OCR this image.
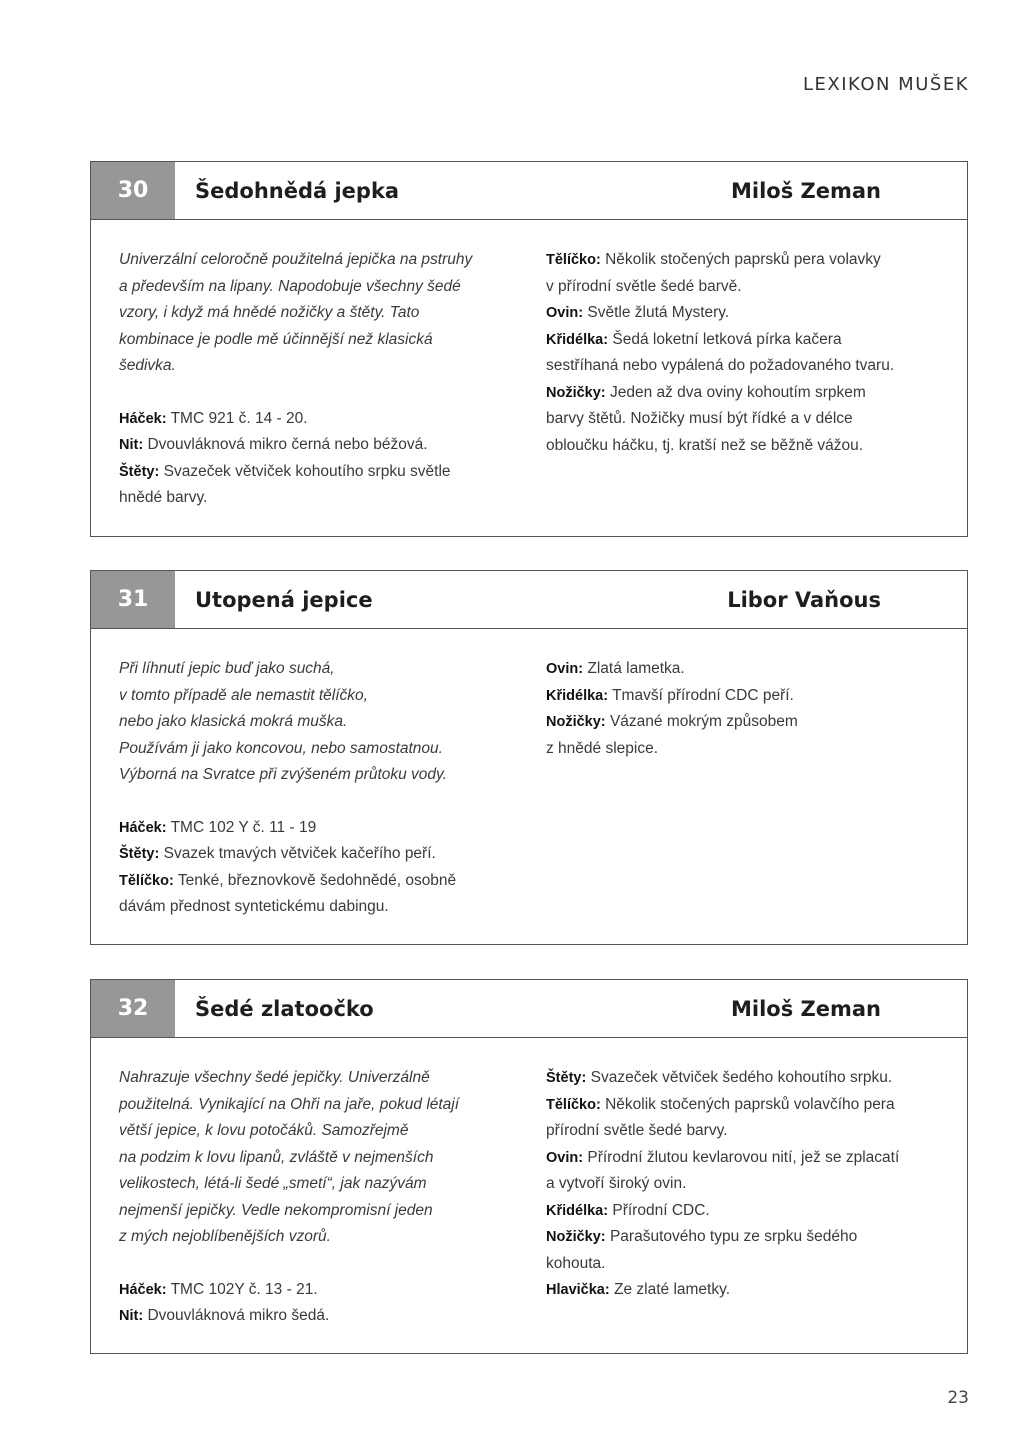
LEXIKON MUŠEK
30	Šedohnědá jepka	Miloš Zeman

Univerzální celoročně použitelná jepička na pstruhy
a především na lipany. Napodobuje všechny šedé
vzory, i když má hnědé nožičky a štěty. Tato
kombinace je podle mě účinnější než klasická
šedivka.

Háček: TMC 921 č. 14 - 20.

Nit: Dvouvláknová mikro černá nebo béžová.

Štěty: Svazeček větviček kohoutího srpku světle
hnědé barvy.

Tělíčko: Několik stočených paprsků pera volavky
v přírodní světle šedé barvě.

Ovin: Světle žlutá Mystery.

Křidélka: Šedá loketní letková pírka kačera
sestříhaná nebo vypálená do požadovaného tvaru.

Nožičky: Jeden až dva oviny kohoutím srpkem
barvy štětů. Nožičky musí být řídké a v délce
obloučku háčku, tj. kratší než se běžně vážou.

31	Utopená jepice	Libor Vaňous

Při líhnutí jepic buď jako suchá,
v tomto případě ale nemastit tělíčko,
nebo jako klasická mokrá muška.
Používám ji jako koncovou, nebo samostatnou.
Výborná na Svratce při zvýšeném průtoku vody.

Háček: TMC 102 Y č. 11 - 19

Štěty: Svazek tmavých větviček kačeřího peří.

Tělíčko: Tenké, březnovkově šedohnědé, osobně
dávám přednost syntetickému dabingu.

Ovin: Zlatá lametka.

Křidélka: Tmavší přírodní CDC peří.

Nožičky: Vázané mokrým způsobem
z hnědé slepice.

32	Šedé zlatoočko	Miloš Zeman

Nahrazuje všechny šedé jepičky. Univerzálně
použitelná. Vynikající na Ohři na jaře, pokud létají
větší jepice, k lovu potočáků. Samozřejmě
na podzim k lovu lipanů, zvláště v nejmenších
velikostech, létá-li šedé „smetí“, jak nazývám
nejmenší jepičky. Vedle nekompromisní jeden
z mých nejoblíbenějších vzorů.

Háček: TMC 102Y č. 13 - 21.

Nit: Dvouvláknová mikro šedá.

Štěty: Svazeček větviček šedého kohoutího srpku.

Tělíčko: Několik stočených paprsků volavčího pera
přírodní světle šedé barvy.

Ovin: Přírodní žlutou kevlarovou nití, jež se zplacatí
a vytvoří široký ovin.

Křidélka: Přírodní CDC.

Nožičky: Parašutového typu ze srpku šedého
kohouta.

Hlavička: Ze zlaté lametky.

23
